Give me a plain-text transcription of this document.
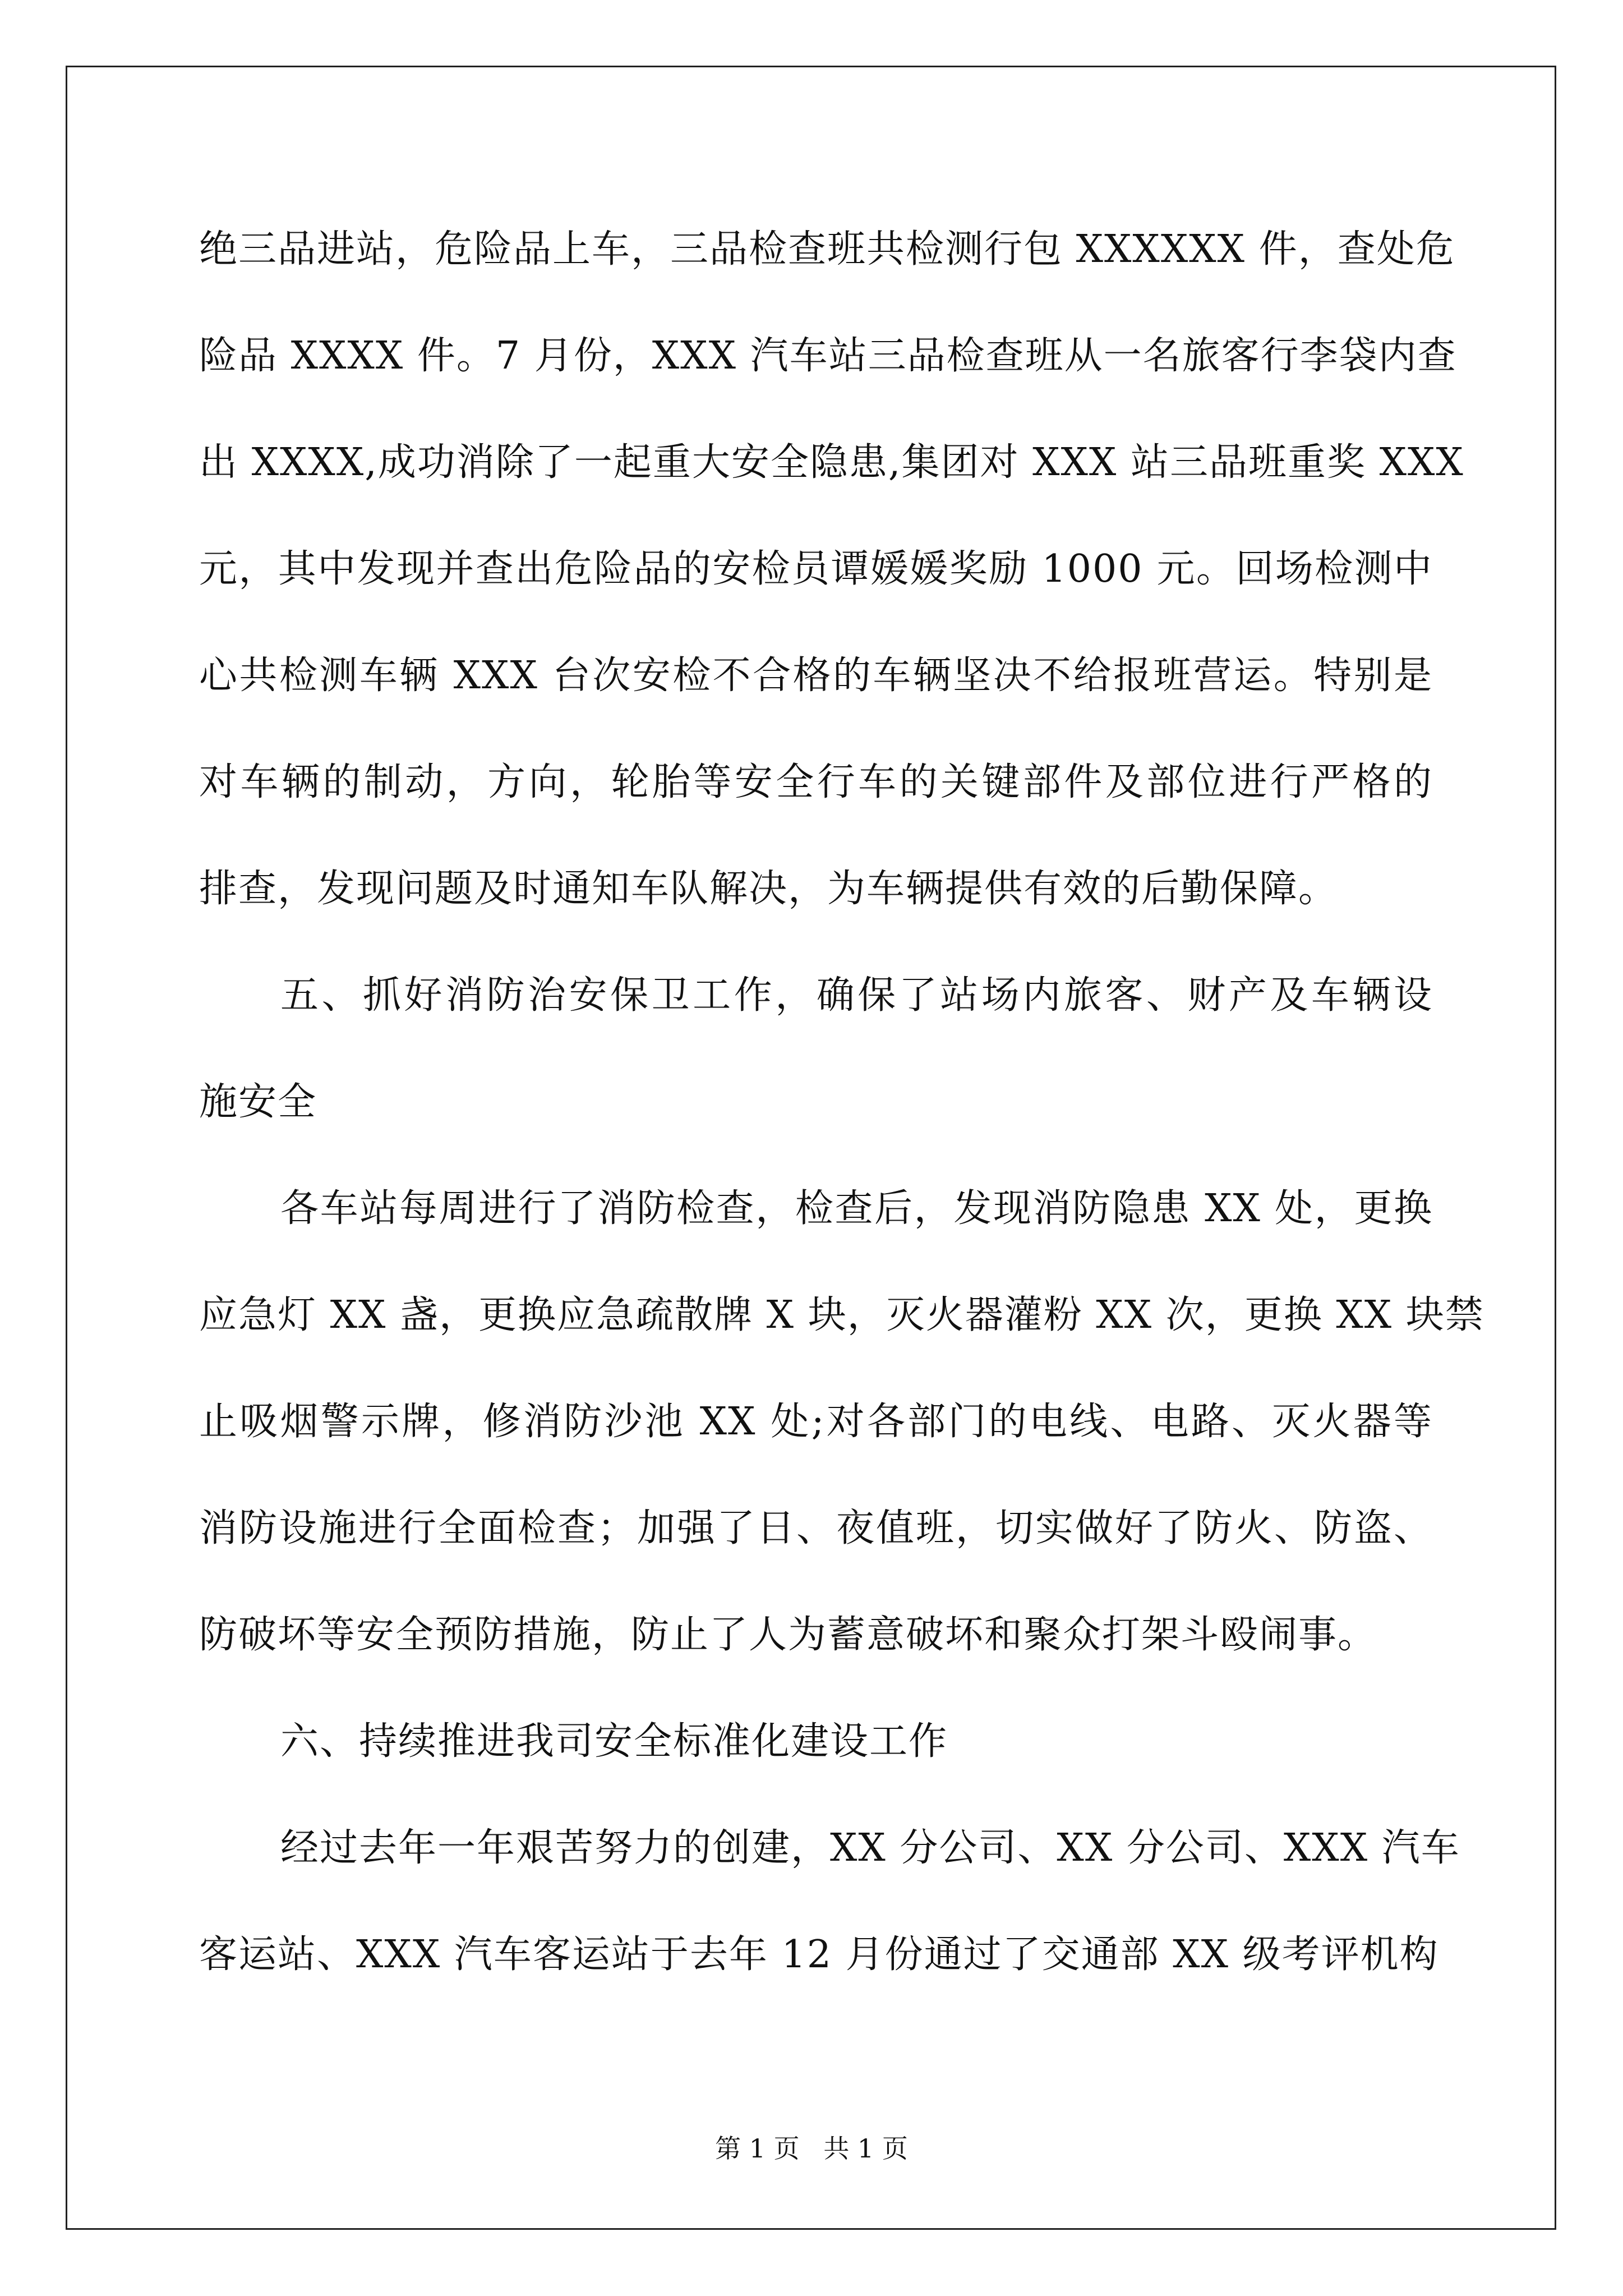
绝三品进站，危险品上车，三品检查班共检测行包 XXXXXX 件，查处危

险品 XXXX 件。7 月份，XXX 汽车站三品检查班从一名旅客行李袋内查

出 XXXX,成功消除了一起重大安全隐患,集团对 XXX 站三品班重奖 XXX

元，其中发现并查出危险品的安检员谭媛媛奖励 1000 元。回场检测中

心共检测车辆 XXX 台次安检不合格的车辆坚决不给报班营运。特别是

对车辆的制动，方向，轮胎等安全行车的关键部件及部位进行严格的

排查，发现问题及时通知车队解决，为车辆提供有效的后勤保障。

五、抓好消防治安保卫工作，确保了站场内旅客、财产及车辆设

施安全

各车站每周进行了消防检查，检查后，发现消防隐患 XX 处，更换

应急灯 XX 盏，更换应急疏散牌 X 块，灭火器灌粉 XX 次，更换 XX 块禁

止吸烟警示牌，修消防沙池 XX 处;对各部门的电线、电路、灭火器等

消防设施进行全面检查；加强了日、夜值班，切实做好了防火、防盗、

防破坏等安全预防措施，防止了人为蓄意破坏和聚众打架斗殴闹事。

六、持续推进我司安全标准化建设工作

经过去年一年艰苦努力的创建，XX 分公司、XX 分公司、XXX 汽车

客运站、XXX 汽车客运站于去年 12 月份通过了交通部 XX 级考评机构

第 1 页 共 1 页
